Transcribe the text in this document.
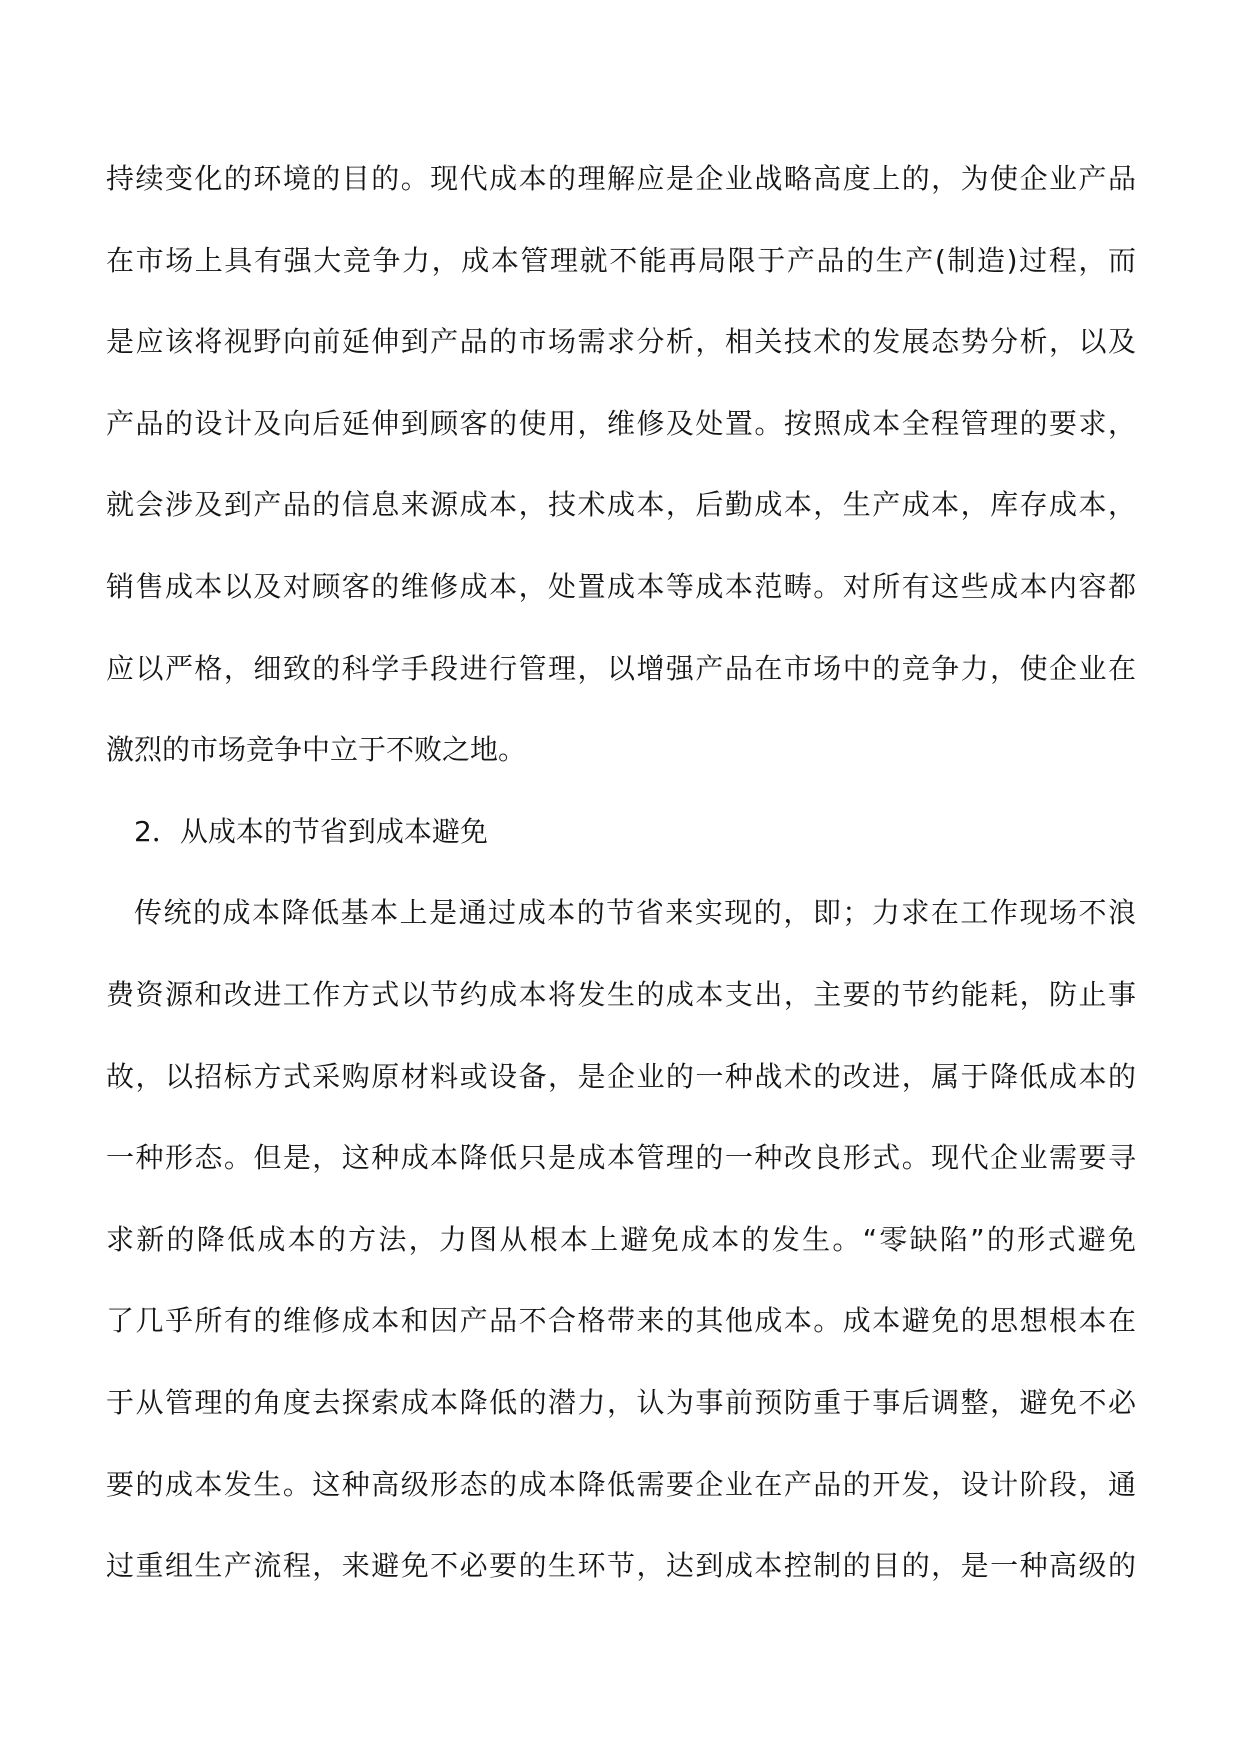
持续变化的环境的目的。现代成本的理解应是企业战略高度上的，为使企业产品
在市场上具有强大竞争力，成本管理就不能再局限于产品的生产(制造)过程，而
是应该将视野向前延伸到产品的市场需求分析，相关技术的发展态势分析，以及
产品的设计及向后延伸到顾客的使用，维修及处置。按照成本全程管理的要求，
就会涉及到产品的信息来源成本，技术成本，后勤成本，生产成本，库存成本，
销售成本以及对顾客的维修成本，处置成本等成本范畴。对所有这些成本内容都
应以严格，细致的科学手段进行管理，以增强产品在市场中的竞争力，使企业在
激烈的市场竞争中立于不败之地。
2．从成本的节省到成本避免
传统的成本降低基本上是通过成本的节省来实现的，即；力求在工作现场不浪
费资源和改进工作方式以节约成本将发生的成本支出，主要的节约能耗，防止事
故，以招标方式采购原材料或设备，是企业的一种战术的改进，属于降低成本的
一种形态。但是，这种成本降低只是成本管理的一种改良形式。现代企业需要寻
求新的降低成本的方法，力图从根本上避免成本的发生。“零缺陷”的形式避免
了几乎所有的维修成本和因产品不合格带来的其他成本。成本避免的思想根本在
于从管理的角度去探索成本降低的潜力，认为事前预防重于事后调整，避免不必
要的成本发生。这种高级形态的成本降低需要企业在产品的开发，设计阶段，通
过重组生产流程，来避免不必要的生环节，达到成本控制的目的，是一种高级的
